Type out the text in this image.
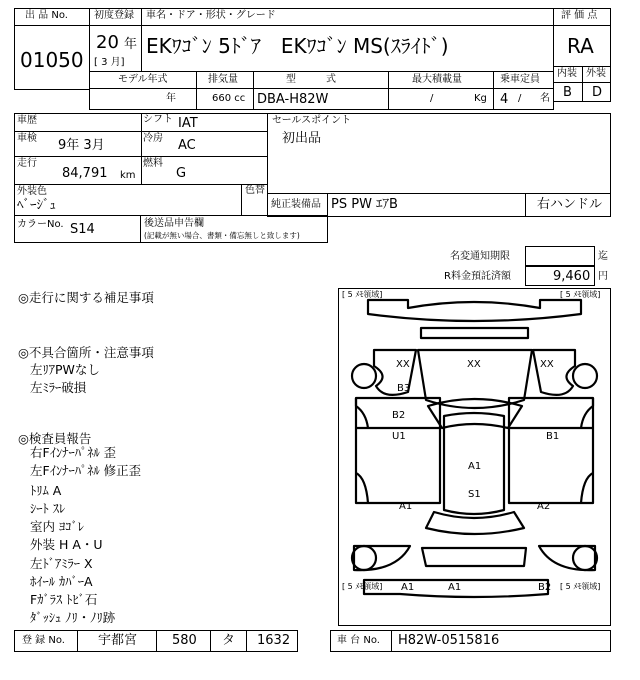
出 品 No.
01050
初度登録 車名・ドア・形状・グレード
20 年
[ 3 月]
EKﾜｺﾞﾝ 5ﾄﾞｱ　EKﾜｺﾞﾝ MS(ｽﾗｲﾄﾞ)
評 価 点
RA
内装 外装
B D
モデル年式	排気量	型　　　式	最大積載量	乗車定員
年	660 cc DBA-H82W	/	Kg 4 / 名
車歴	シフト IAT
車検 9年 3月	冷房 AC
走行
84,791 km
燃料
G
外装色
ﾍﾞｰｼﾞｭ
色替
カラーNo. S14	後送品申告欄
(記載が無い場合、書類・備忘無しと致します)
セールスポイント
初出品
純正装備品 PS PW ｴｱB	右ハンドル
名変通知期限	迄
R料金預託済額	9,460 円
◎走行に関する補足事項
◎不具合箇所・注意事項
左ﾘｱPWなし
左ﾐﾗｰ破損
◎検査員報告
右Fｲﾝﾅｰﾊﾟﾈﾙ 歪
左Fｲﾝﾅｰﾊﾟﾈﾙ 修正歪
ﾄﾘﾑ A
ｼｰﾄ ｽﾚ
室内 ﾖｺﾞﾚ
外装 H A・U
左ﾄﾞｱﾐﾗｰ X
ﾎｲｰﾙ ｶﾊﾞｰA
Fｶﾞﾗｽ ﾄﾋﾞ石
ﾀﾞｯｼｭ ﾉﾘ・ﾉﾘ跡
[ 5 ﾒﾓ領域]	[ 5 ﾒﾓ領域]
[ 5 ﾒﾓ領域]	[ 5 ﾒﾓ領域]
XX	XX	XX
B3
B2
U1	B1
A1
S1
A1	A2
A1	A1	B2
登 録 No.	宇都宮	580 タ 1632	車 台 No. H82W-0515816
